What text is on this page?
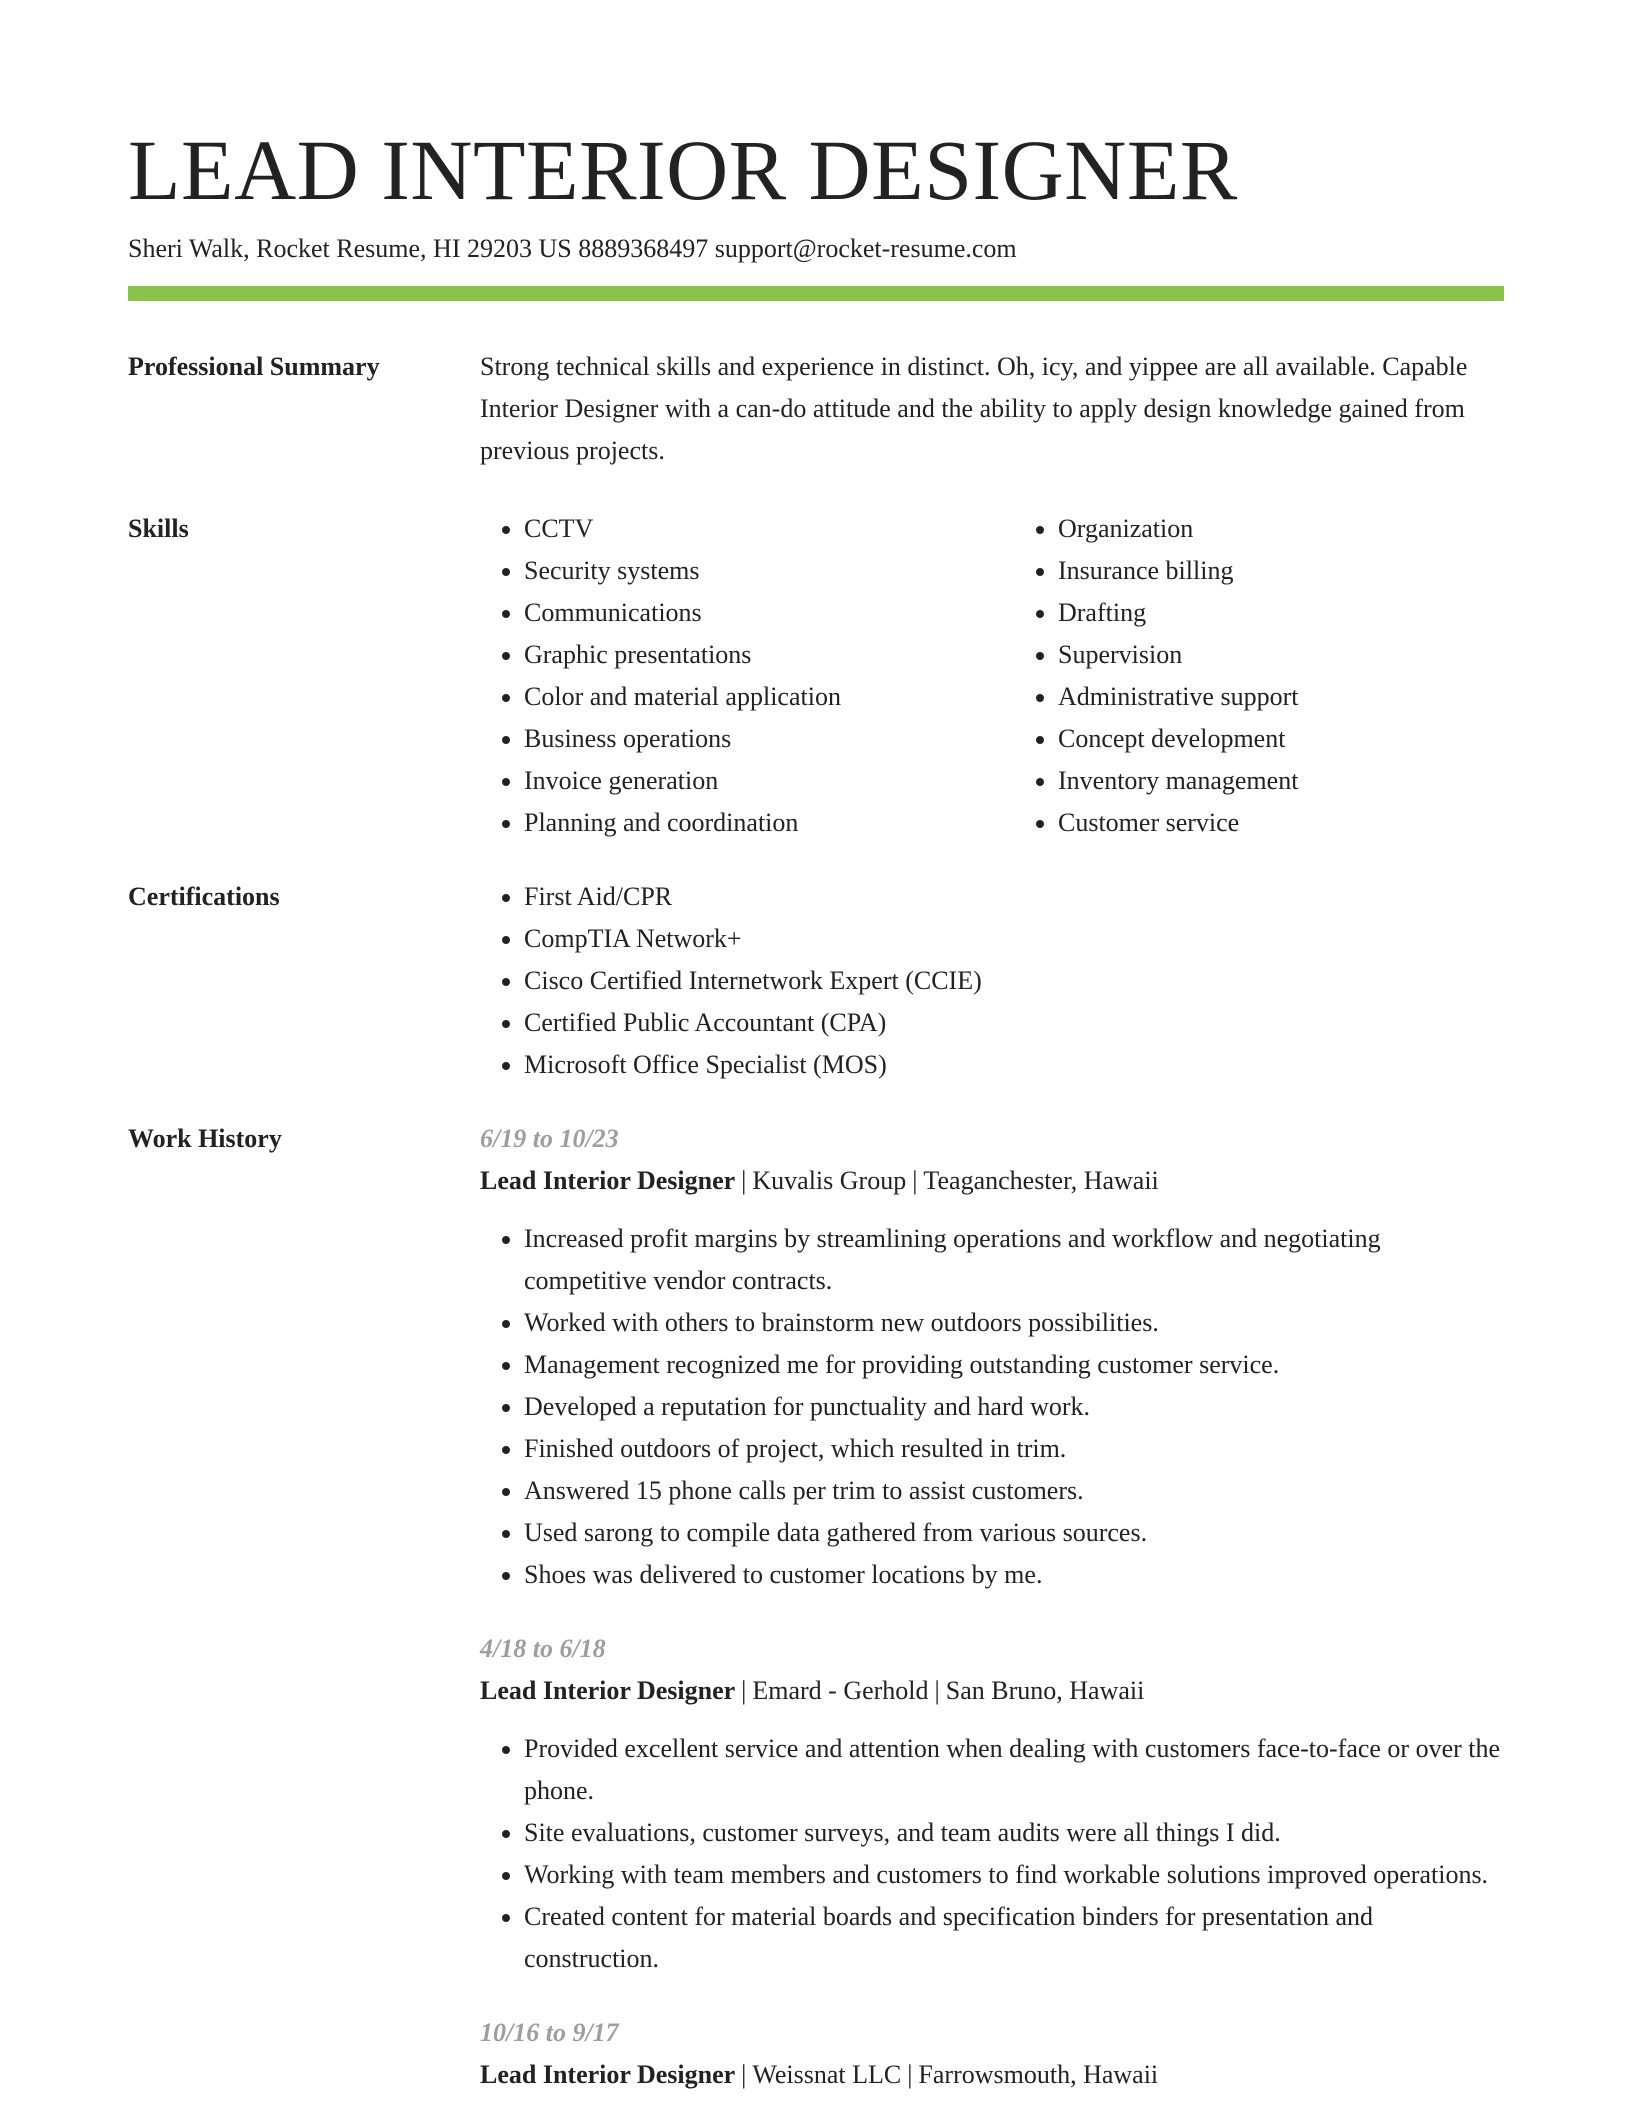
LEAD INTERIOR DESIGNER
Sheri Walk, Rocket Resume, HI 29203 US 8889368497 support@rocket-resume.com
Professional Summary	Strong technical skills and experience in distinct. Oh, icy, and yippee are all available. Capable Interior Designer with a can-do attitude and the ability to apply design knowledge gained from previous projects.

Skills	• CCTV
• Security systems
• Communications
• Graphic presentations
• Color and material application
• Business operations
• Invoice generation
• Planning and coordination
• Organization
• Insurance billing
• Drafting
• Supervision
• Administrative support
• Concept development
• Inventory management
• Customer service
Certifications	• First Aid/CPR
• CompTIA Network+
• Cisco Certified Internetwork Expert (CCIE)
• Certified Public Accountant (CPA)
• Microsoft Office Specialist (MOS)
Work History	6/19 to 10/23
Lead Interior Designer | Kuvalis Group | Teaganchester, Hawaii
• Increased profit margins by streamlining operations and workflow and negotiating competitive vendor contracts.
• Worked with others to brainstorm new outdoors possibilities.
• Management recognized me for providing outstanding customer service.
• Developed a reputation for punctuality and hard work.
• Finished outdoors of project, which resulted in trim.
• Answered 15 phone calls per trim to assist customers.
• Used sarong to compile data gathered from various sources.
• Shoes was delivered to customer locations by me.
4/18 to 6/18
Lead Interior Designer | Emard - Gerhold | San Bruno, Hawaii
• Provided excellent service and attention when dealing with customers face-to-face or over the phone.
• Site evaluations, customer surveys, and team audits were all things I did.
• Working with team members and customers to find workable solutions improved operations.
• Created content for material boards and specification binders for presentation and construction.
10/16 to 9/17
Lead Interior Designer | Weissnat LLC | Farrowsmouth, Hawaii
